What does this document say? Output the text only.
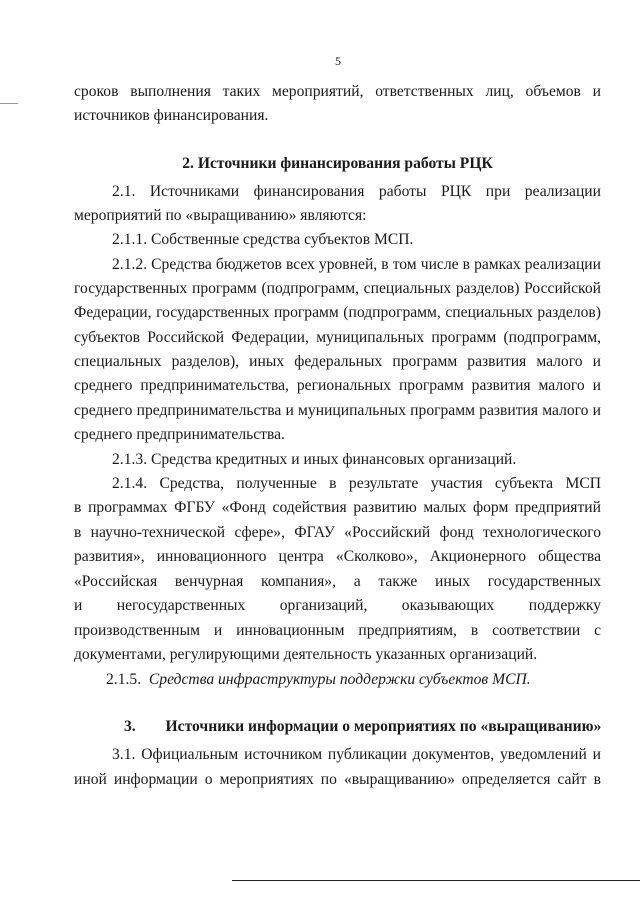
5
сроков выполнения таких мероприятий, ответственных лиц, объемов и
источников финансирования.
2. Источники финансирования работы РЦК
2.1. Источниками финансирования работы РЦК при реализации
мероприятий по «выращиванию» являются:
2.1.1. Собственные средства субъектов МСП.
2.1.2. Средства бюджетов всех уровней, в том числе в рамках реализации
государственных программ (подпрограмм, специальных разделов) Российской
Федерации, государственных программ (подпрограмм, специальных разделов)
субъектов Российской Федерации, муниципальных программ (подпрограмм,
специальных разделов), иных федеральных программ развития малого и
среднего предпринимательства, региональных программ развития малого и
среднего предпринимательства и муниципальных программ развития малого и
среднего предпринимательства.
2.1.3. Средства кредитных и иных финансовых организаций.
2.1.4. Средства, полученные в результате участия субъекта МСП
в программах ФГБУ «Фонд содействия развитию малых форм предприятий
в научно-технической сфере», ФГАУ «Российский фонд технологического
развития», инновационного центра «Сколково», Акционерного общества
«Российская венчурная компания», а также иных государственных
и негосударственных организаций, оказывающих поддержку
производственным и инновационным предприятиям, в соответствии с
документами, регулирующими деятельность указанных организаций.
2.1.5. Средства инфраструктуры поддержки субъектов МСП.
3. Источники информации о мероприятиях по «выращиванию»
3.1. Официальным источником публикации документов, уведомлений и
иной информации о мероприятиях по «выращиванию» определяется сайт в
